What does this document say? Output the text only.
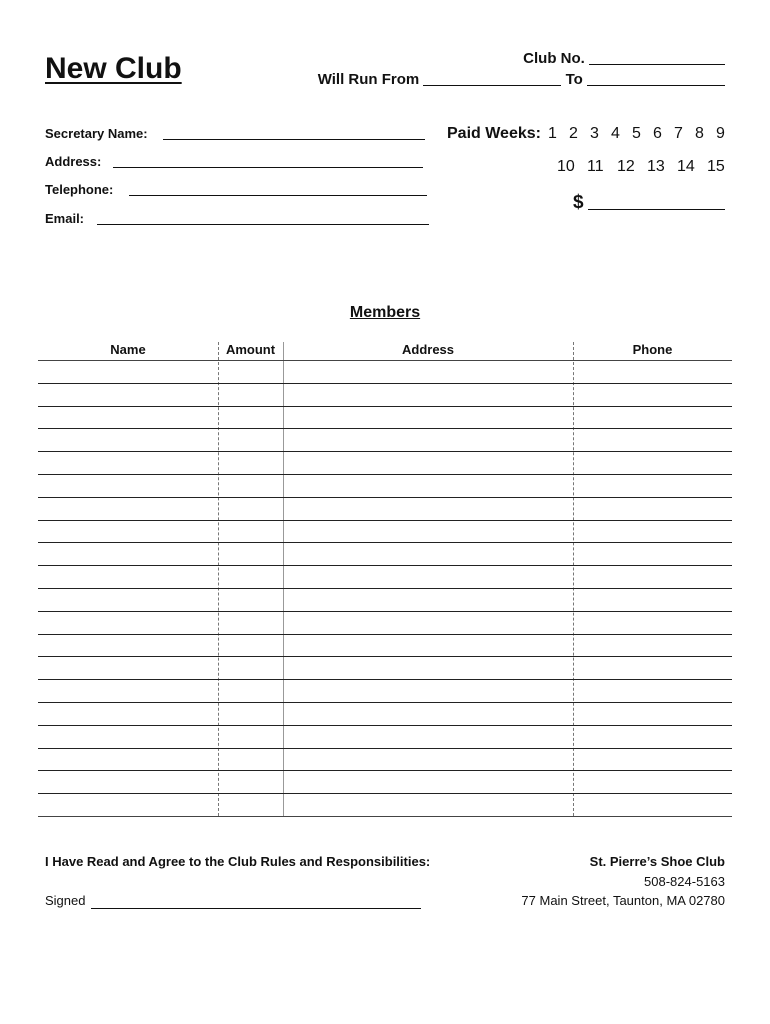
New Club	Club No.
Will Run From	To
Secretary Name:
Address:
Telephone:
Email:
Paid Weeks: 1 2 3 4 5 6 7 8 9
10 11 12 13 14 15
$
Members
Name	Amount	Address	Phone
I Have Read and Agree to the Club Rules and Responsibilities:
Signed
St. Pierre’s Shoe Club
508-824-5163
77 Main Street, Taunton, MA 02780
